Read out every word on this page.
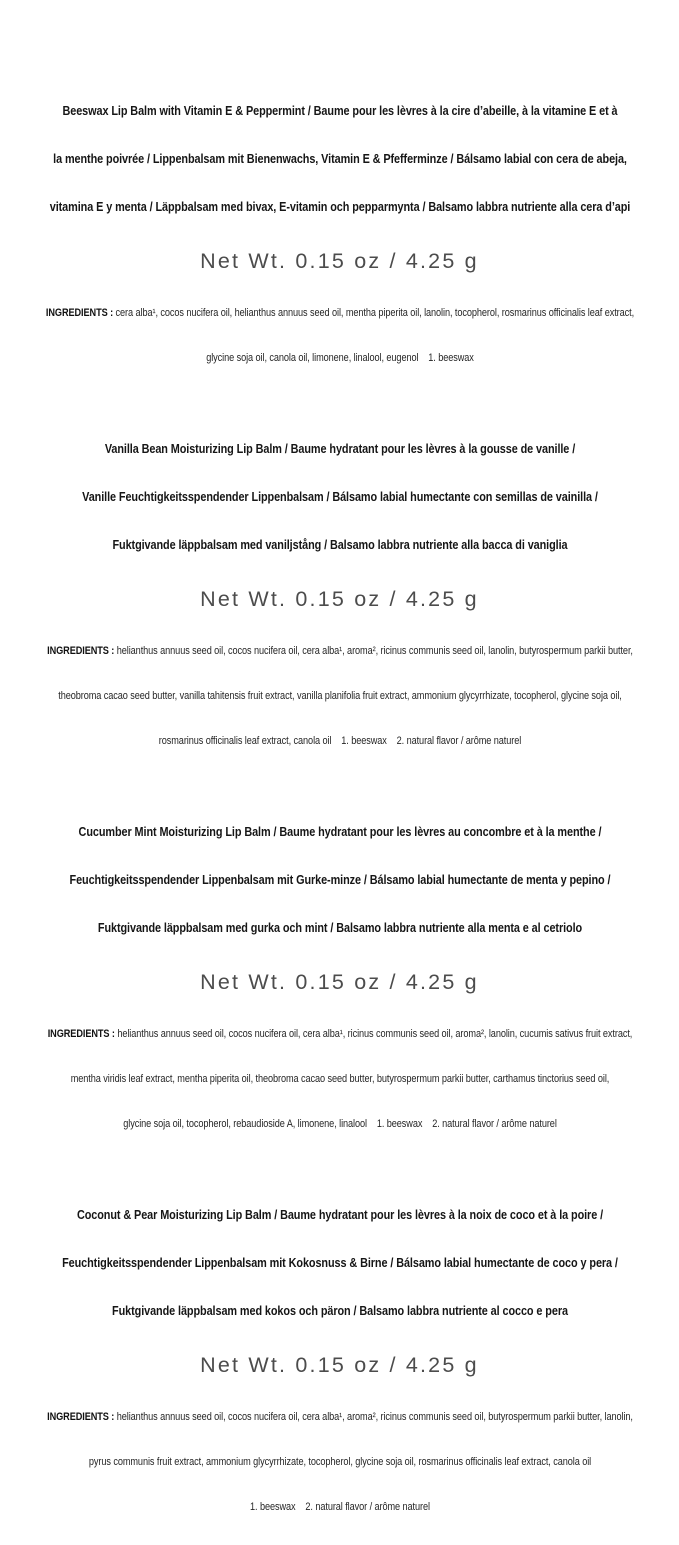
Beeswax Lip Balm with Vitamin E & Peppermint / Baume pour les lèvres à la cire d’abeille, à la vitamine E et à

la menthe poivrée / Lippenbalsam mit Bienenwachs, Vitamin E & Pfefferminze / Bálsamo labial con cera de abeja,

vitamina E y menta / Läppbalsam med bivax, E-vitamin och pepparmynta / Balsamo labbra nutriente alla cera d’api

Net Wt. 0.15 oz / 4.25 g

INGREDIENTS : cera alba¹, cocos nucifera oil, helianthus annuus seed oil, mentha piperita oil, lanolin, tocopherol, rosmarinus officinalis leaf extract,

glycine soja oil, canola oil, limonene, linalool, eugenol    1. beeswax

Vanilla Bean Moisturizing Lip Balm / Baume hydratant pour les lèvres à la gousse de vanille /

Vanille Feuchtigkeitsspendender Lippenbalsam / Bálsamo labial humectante con semillas de vainilla /

Fuktgivande läppbalsam med vaniljstång / Balsamo labbra nutriente alla bacca di vaniglia

Net Wt. 0.15 oz / 4.25 g

INGREDIENTS : helianthus annuus seed oil, cocos nucifera oil, cera alba¹, aroma², ricinus communis seed oil, lanolin, butyrospermum parkii butter,

theobroma cacao seed butter, vanilla tahitensis fruit extract, vanilla planifolia fruit extract, ammonium glycyrrhizate, tocopherol, glycine soja oil,

rosmarinus officinalis leaf extract, canola oil    1. beeswax    2. natural flavor / arôme naturel

Cucumber Mint Moisturizing Lip Balm / Baume hydratant pour les lèvres au concombre et à la menthe /

Feuchtigkeitsspendender Lippenbalsam mit Gurke-minze / Bálsamo labial humectante de menta y pepino /

Fuktgivande läppbalsam med gurka och mint / Balsamo labbra nutriente alla menta e al cetriolo

Net Wt. 0.15 oz / 4.25 g

INGREDIENTS : helianthus annuus seed oil, cocos nucifera oil, cera alba¹, ricinus communis seed oil, aroma², lanolin, cucumis sativus fruit extract,

mentha viridis leaf extract, mentha piperita oil, theobroma cacao seed butter, butyrospermum parkii butter, carthamus tinctorius seed oil,

glycine soja oil, tocopherol, rebaudioside A, limonene, linalool    1. beeswax    2. natural flavor / arôme naturel

Coconut & Pear Moisturizing Lip Balm / Baume hydratant pour les lèvres à la noix de coco et à la poire /

Feuchtigkeitsspendender Lippenbalsam mit Kokosnuss & Birne / Bálsamo labial humectante de coco y pera /

Fuktgivande läppbalsam med kokos och päron / Balsamo labbra nutriente al cocco e pera

Net Wt. 0.15 oz / 4.25 g

INGREDIENTS : helianthus annuus seed oil, cocos nucifera oil, cera alba¹, aroma², ricinus communis seed oil, butyrospermum parkii butter, lanolin,

pyrus communis fruit extract, ammonium glycyrrhizate, tocopherol, glycine soja oil, rosmarinus officinalis leaf extract, canola oil

1. beeswax    2. natural flavor / arôme naturel
